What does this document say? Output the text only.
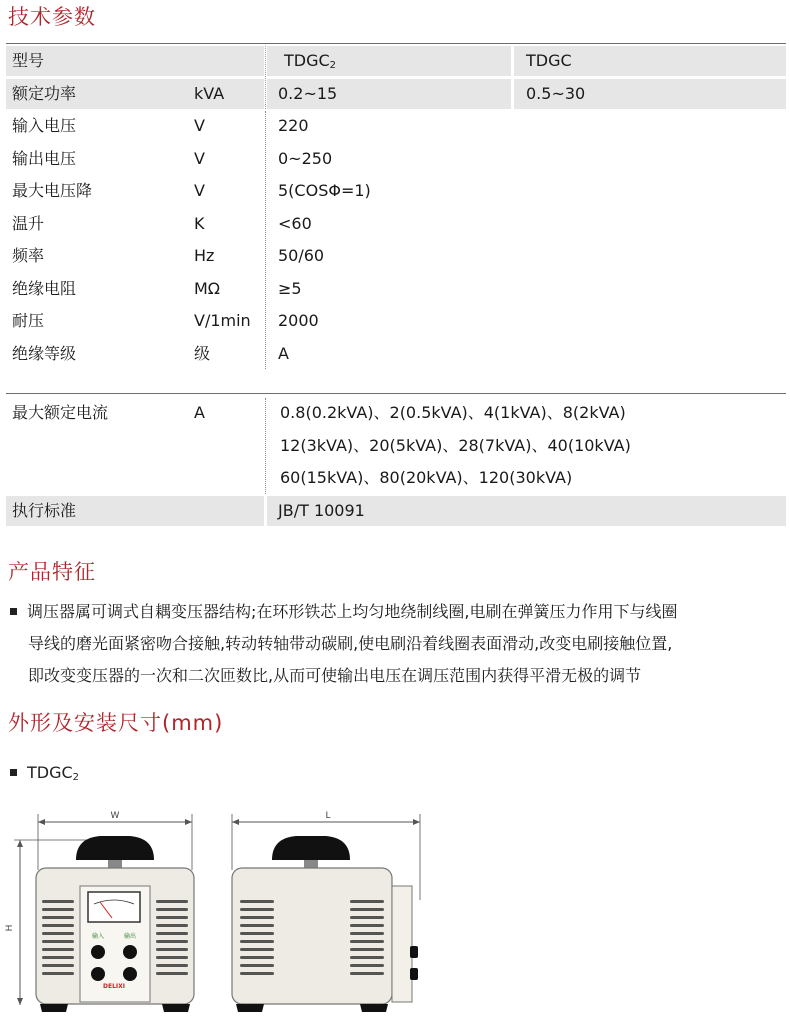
技术参数
型号	$TDGC_2$	TDGC
额定功率	kVA	0.2~15	0.5~30
输入电压	V	220
输出电压	V	0~250
最大电压降	V	5(COSΦ=1)
温升	K	<60
频率	Hz	50/60
绝缘电阻	MΩ	≥5
耐压	V/1min 2000
绝缘等级	级	A
最大额定电流	A	0.8(0.2kVA)、2(0.5kVA)、4(1kVA)、8(2kVA)
12(3kVA)、20(5kVA)、28(7kVA)、40(10kVA)
60(15kVA)、80(20kVA)、120(30kVA)
执行标准	JB/T 10091
产品特征

调压器属可调式自耦变压器结构;在环形铁芯上均匀地绕制线圈,电刷在弹簧压力作用下与线圈
导线的磨光面紧密吻合接触,转动转轴带动碳刷,使电刷沿着线圈表面滑动,改变电刷接触位置,
即改变变压器的一次和二次匝数比,从而可使输出电压在调压范围内获得平滑无极的调节

外形及安装尺寸(mm)
$TDGC_2$
W
H
输入	输出
DELIXI
L
